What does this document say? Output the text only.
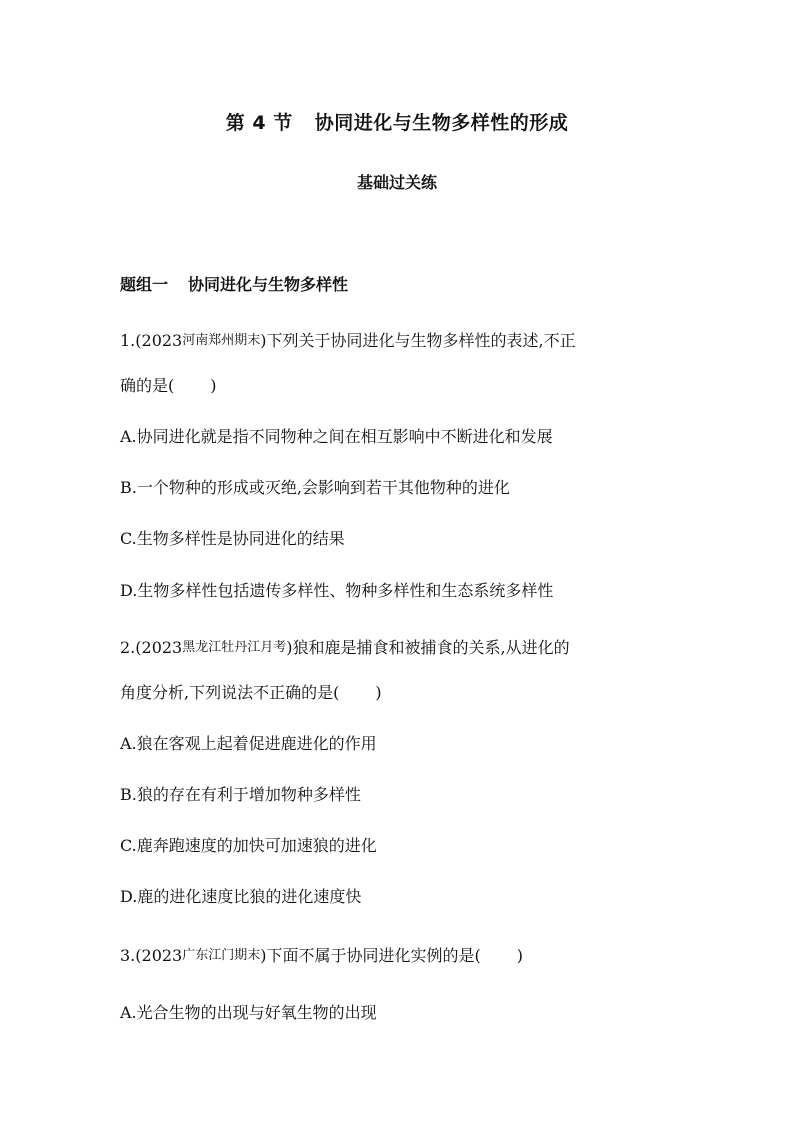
第 4 节 协同进化与生物多样性的形成
基础过关练
题组一 协同进化与生物多样性
1.(2023河南郑州期末)下列关于协同进化与生物多样性的表述,不正
确的是( )
A.协同进化就是指不同物种之间在相互影响中不断进化和发展
B.一个物种的形成或灭绝,会影响到若干其他物种的进化
C.生物多样性是协同进化的结果
D.生物多样性包括遗传多样性、物种多样性和生态系统多样性
2.(2023黑龙江牡丹江月考)狼和鹿是捕食和被捕食的关系,从进化的
角度分析,下列说法不正确的是( )
A.狼在客观上起着促进鹿进化的作用
B.狼的存在有利于增加物种多样性
C.鹿奔跑速度的加快可加速狼的进化
D.鹿的进化速度比狼的进化速度快
3.(2023广东江门期末)下面不属于协同进化实例的是( )
A.光合生物的出现与好氧生物的出现
